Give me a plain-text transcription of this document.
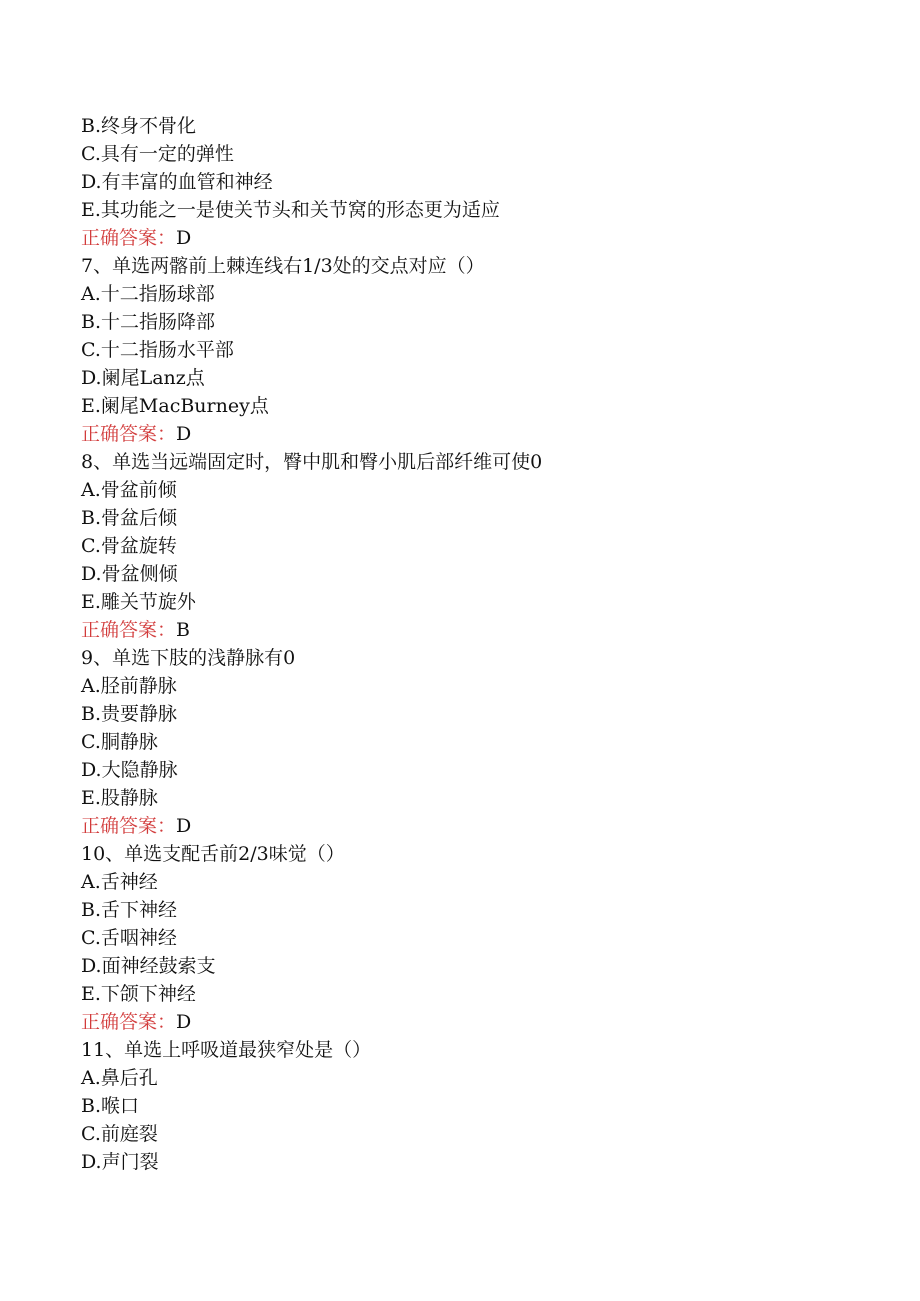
B.终身不骨化
C.具有一定的弹性
D.有丰富的血管和神经
E.其功能之一是使关节头和关节窝的形态更为适应
正确答案：D
7、单选两髂前上棘连线右1/3处的交点对应（）
A.十二指肠球部
B.十二指肠降部
C.十二指肠水平部
D.阑尾Lanz点
E.阑尾MacBurney点
正确答案：D
8、单选当远端固定时，臀中肌和臀小肌后部纤维可使0
A.骨盆前倾
B.骨盆后倾
C.骨盆旋转
D.骨盆侧倾
E.雕关节旋外
正确答案：B
9、单选下肢的浅静脉有0
A.胫前静脉
B.贵要静脉
C.胴静脉
D.大隐静脉
E.股静脉
正确答案：D
10、单选支配舌前2/3味觉（）
A.舌神经
B.舌下神经
C.舌咽神经
D.面神经鼓索支
E.下颌下神经
正确答案：D
11、单选上呼吸道最狭窄处是（）
A.鼻后孔
B.喉口
C.前庭裂
D.声门裂
